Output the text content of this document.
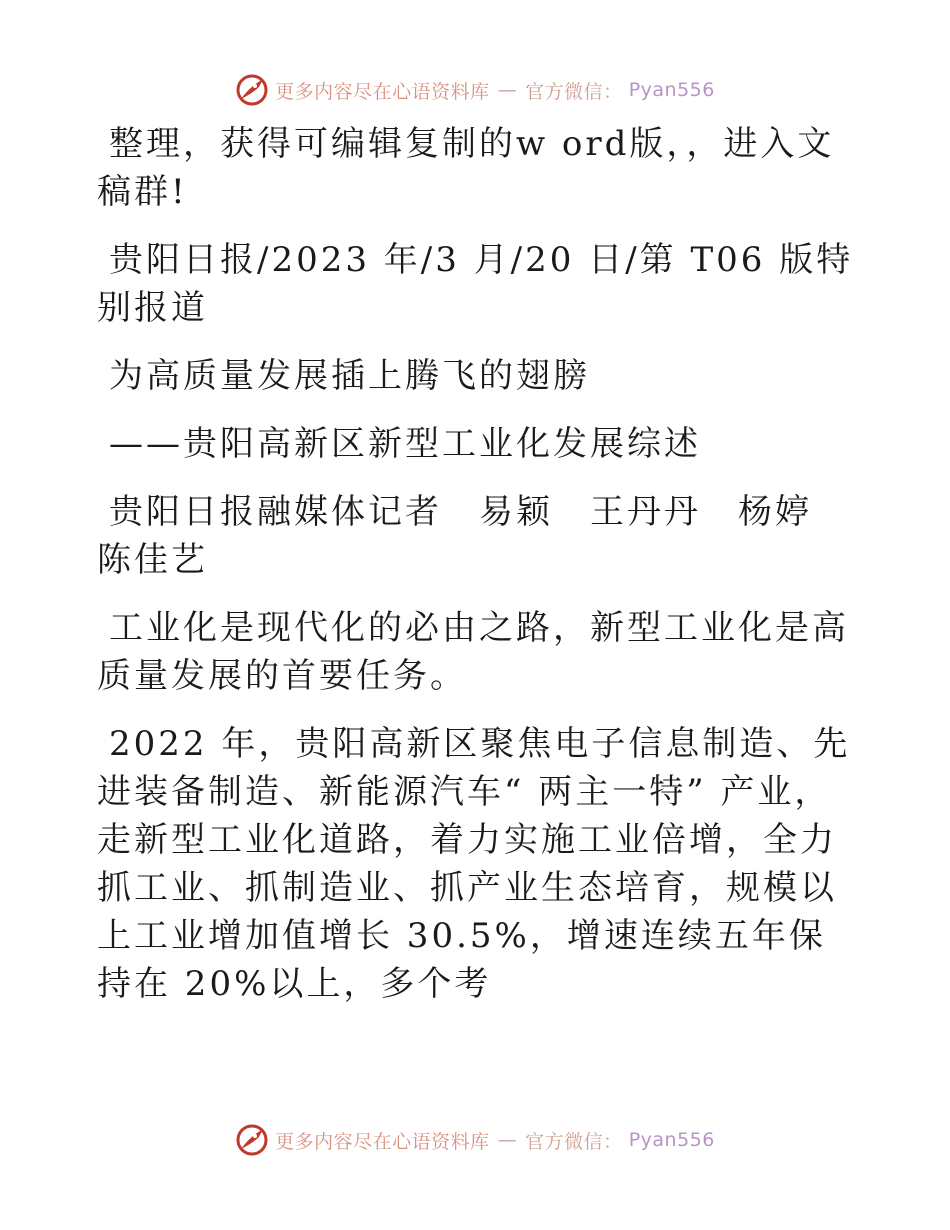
更多内容尽在心语资料库 — 官方微信： Pyan556

整理，获得可编辑复制的w ord版，，进入文稿群!

贵阳日报/2023 年/3 月/20 日/第 T06 版特别报道

为高质量发展插上腾飞的翅膀

——贵阳高新区新型工业化发展综述

贵阳日报融媒体记者　易颖　王丹丹　杨婷　陈佳艺

工业化是现代化的必由之路，新型工业化是高质量发展的首要任务。

2022 年，贵阳高新区聚焦电子信息制造、先进装备制造、新能源汽车“ 两主一特” 产业，走新型工业化道路，着力实施工业倍增，全力抓工业、抓制造业、抓产业生态培育，规模以上工业增加值增长 30.5%，增速连续五年保持在 20%以上，多个考

更多内容尽在心语资料库 — 官方微信： Pyan556
